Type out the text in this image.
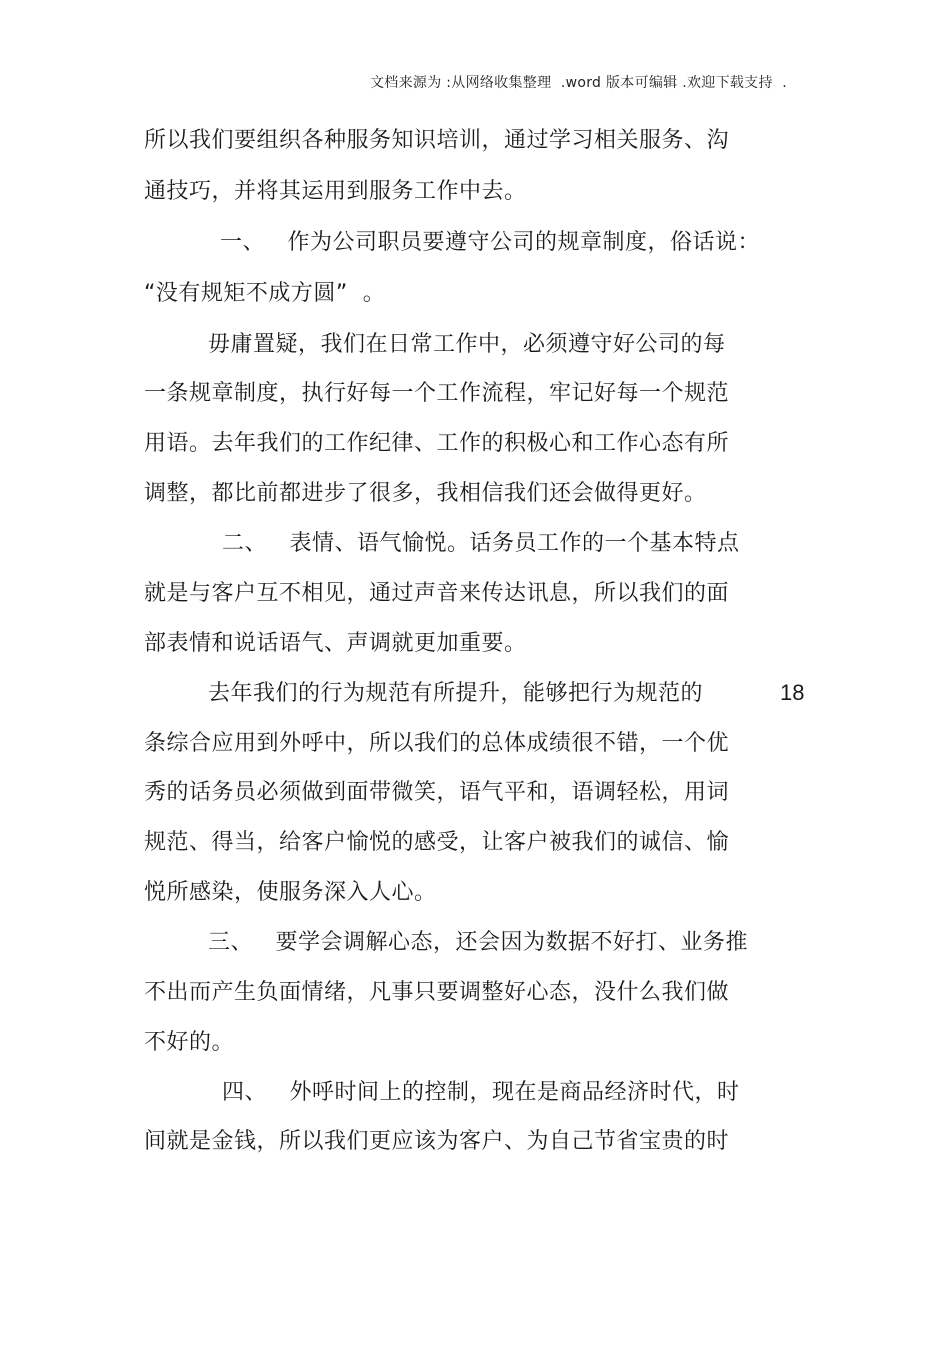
文档来源为 :从网络收集整理  .word 版本可编辑 .欢迎下载支持  .
所以我们要组织各种服务知识培训，通过学习相关服务、沟
通技巧，并将其运用到服务工作中去。
一、   作为公司职员要遵守公司的规章制度，俗话说：
“没有规矩不成方圆”  。
毋庸置疑，我们在日常工作中，必须遵守好公司的每
一条规章制度，执行好每一个工作流程，牢记好每一个规范
用语。去年我们的工作纪律、工作的积极心和工作心态有所
调整，都比前都进步了很多，我相信我们还会做得更好。
二、   表情、语气愉悦。话务员工作的一个基本特点
就是与客户互不相见，通过声音来传达讯息，所以我们的面
部表情和说话语气、声调就更加重要。
去年我们的行为规范有所提升，能够把行为规范的	18
条综合应用到外呼中，所以我们的总体成绩很不错，一个优
秀的话务员必须做到面带微笑，语气平和，语调轻松，用词
规范、得当，给客户愉悦的感受，让客户被我们的诚信、愉
悦所感染，使服务深入人心。
三、   要学会调解心态，还会因为数据不好打、业务推
不出而产生负面情绪，凡事只要调整好心态，没什么我们做
不好的。
四、   外呼时间上的控制，现在是商品经济时代，时
间就是金钱，所以我们更应该为客户、为自己节省宝贵的时
